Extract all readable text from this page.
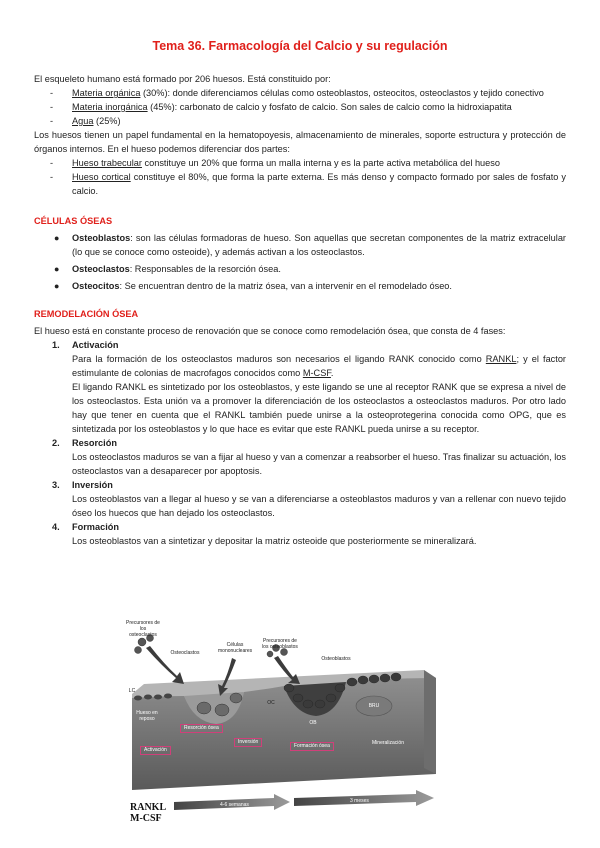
Tema 36. Farmacología del Calcio y su regulación

El esqueleto humano está formado por 206 huesos. Está constituido por:

- Materia orgánica (30%): donde diferenciamos células como osteoblastos, osteocitos, osteoclastos y tejido conectivo
- Materia inorgánica (45%): carbonato de calcio y fosfato de calcio. Son sales de calcio como la hidroxiapatita
- Agua (25%)

Los huesos tienen un papel fundamental en la hematopoyesis, almacenamiento de minerales, soporte estructura y protección de órganos internos. En el hueso podemos diferenciar dos partes:

- Hueso trabecular constituye un 20% que forma un malla interna y es la parte activa metabólica del hueso
- Hueso cortical constituye el 80%, que forma la parte externa. Es más denso y compacto formado por sales de fosfato y calcio.
CÉLULAS ÓSEAS
● Osteoblastos: son las células formadoras de hueso. Son aquellas que secretan componentes de la matriz extracelular (lo que se conoce como osteoide), y además activan a los osteoclastos.
● Osteoclastos: Responsables de la resorción ósea.
● Osteocitos: Se encuentran dentro de la matriz ósea, van a intervenir en el remodelado óseo.
REMODELACIÓN ÓSEA

El hueso está en constante proceso de renovación que se conoce como remodelación ósea, que consta de 4 fases:

1. Activación

Para la formación de los osteoclastos maduros son necesarios el ligando RANK conocido como RANKL; y el factor estimulante de colonias de macrofagos conocidos como M-CSF.

El ligando RANKL es sintetizado por los osteoblastos, y este ligando se une al receptor RANK que se expresa a nivel de los osteoclastos. Esta unión va a promover la diferenciación de los osteoclastos a osteoclastos maduros. Por otro lado hay que tener en cuenta que el RANKL también puede unirse a la osteoprotegerina conocida como OPG, que es sintetizada por los osteoblastos y lo que hace es evitar que este RANKL pueda unirse a su receptor.

2. Resorción

Los osteoclastos maduros se van a fijar al hueso y van a comenzar a reabsorber el hueso. Tras finalizar su actuación, los osteoclastos van a desaparecer por apoptosis.

3. Inversión

Los osteoblastos van a llegar al hueso y se van a diferenciarse a osteoblastos maduros y van a rellenar con nuevo tejido óseo los huecos que han dejado los osteoclastos.

4. Formación

Los osteoblastos van a sintetizar y depositar la matriz osteoide que posteriormente se mineralizará.

Precursores de los osteoclastos
Osteoclastos
Células mononucleares
Precursores de los osteoblastos
Osteoblastos
LC
OC
OB
BRU
Hueso en reposo
Resorción ósea
Activación
Inversión
Formación ósea	Mineralización
RANKL
M-CSF
4-6 semanas
3 meses
